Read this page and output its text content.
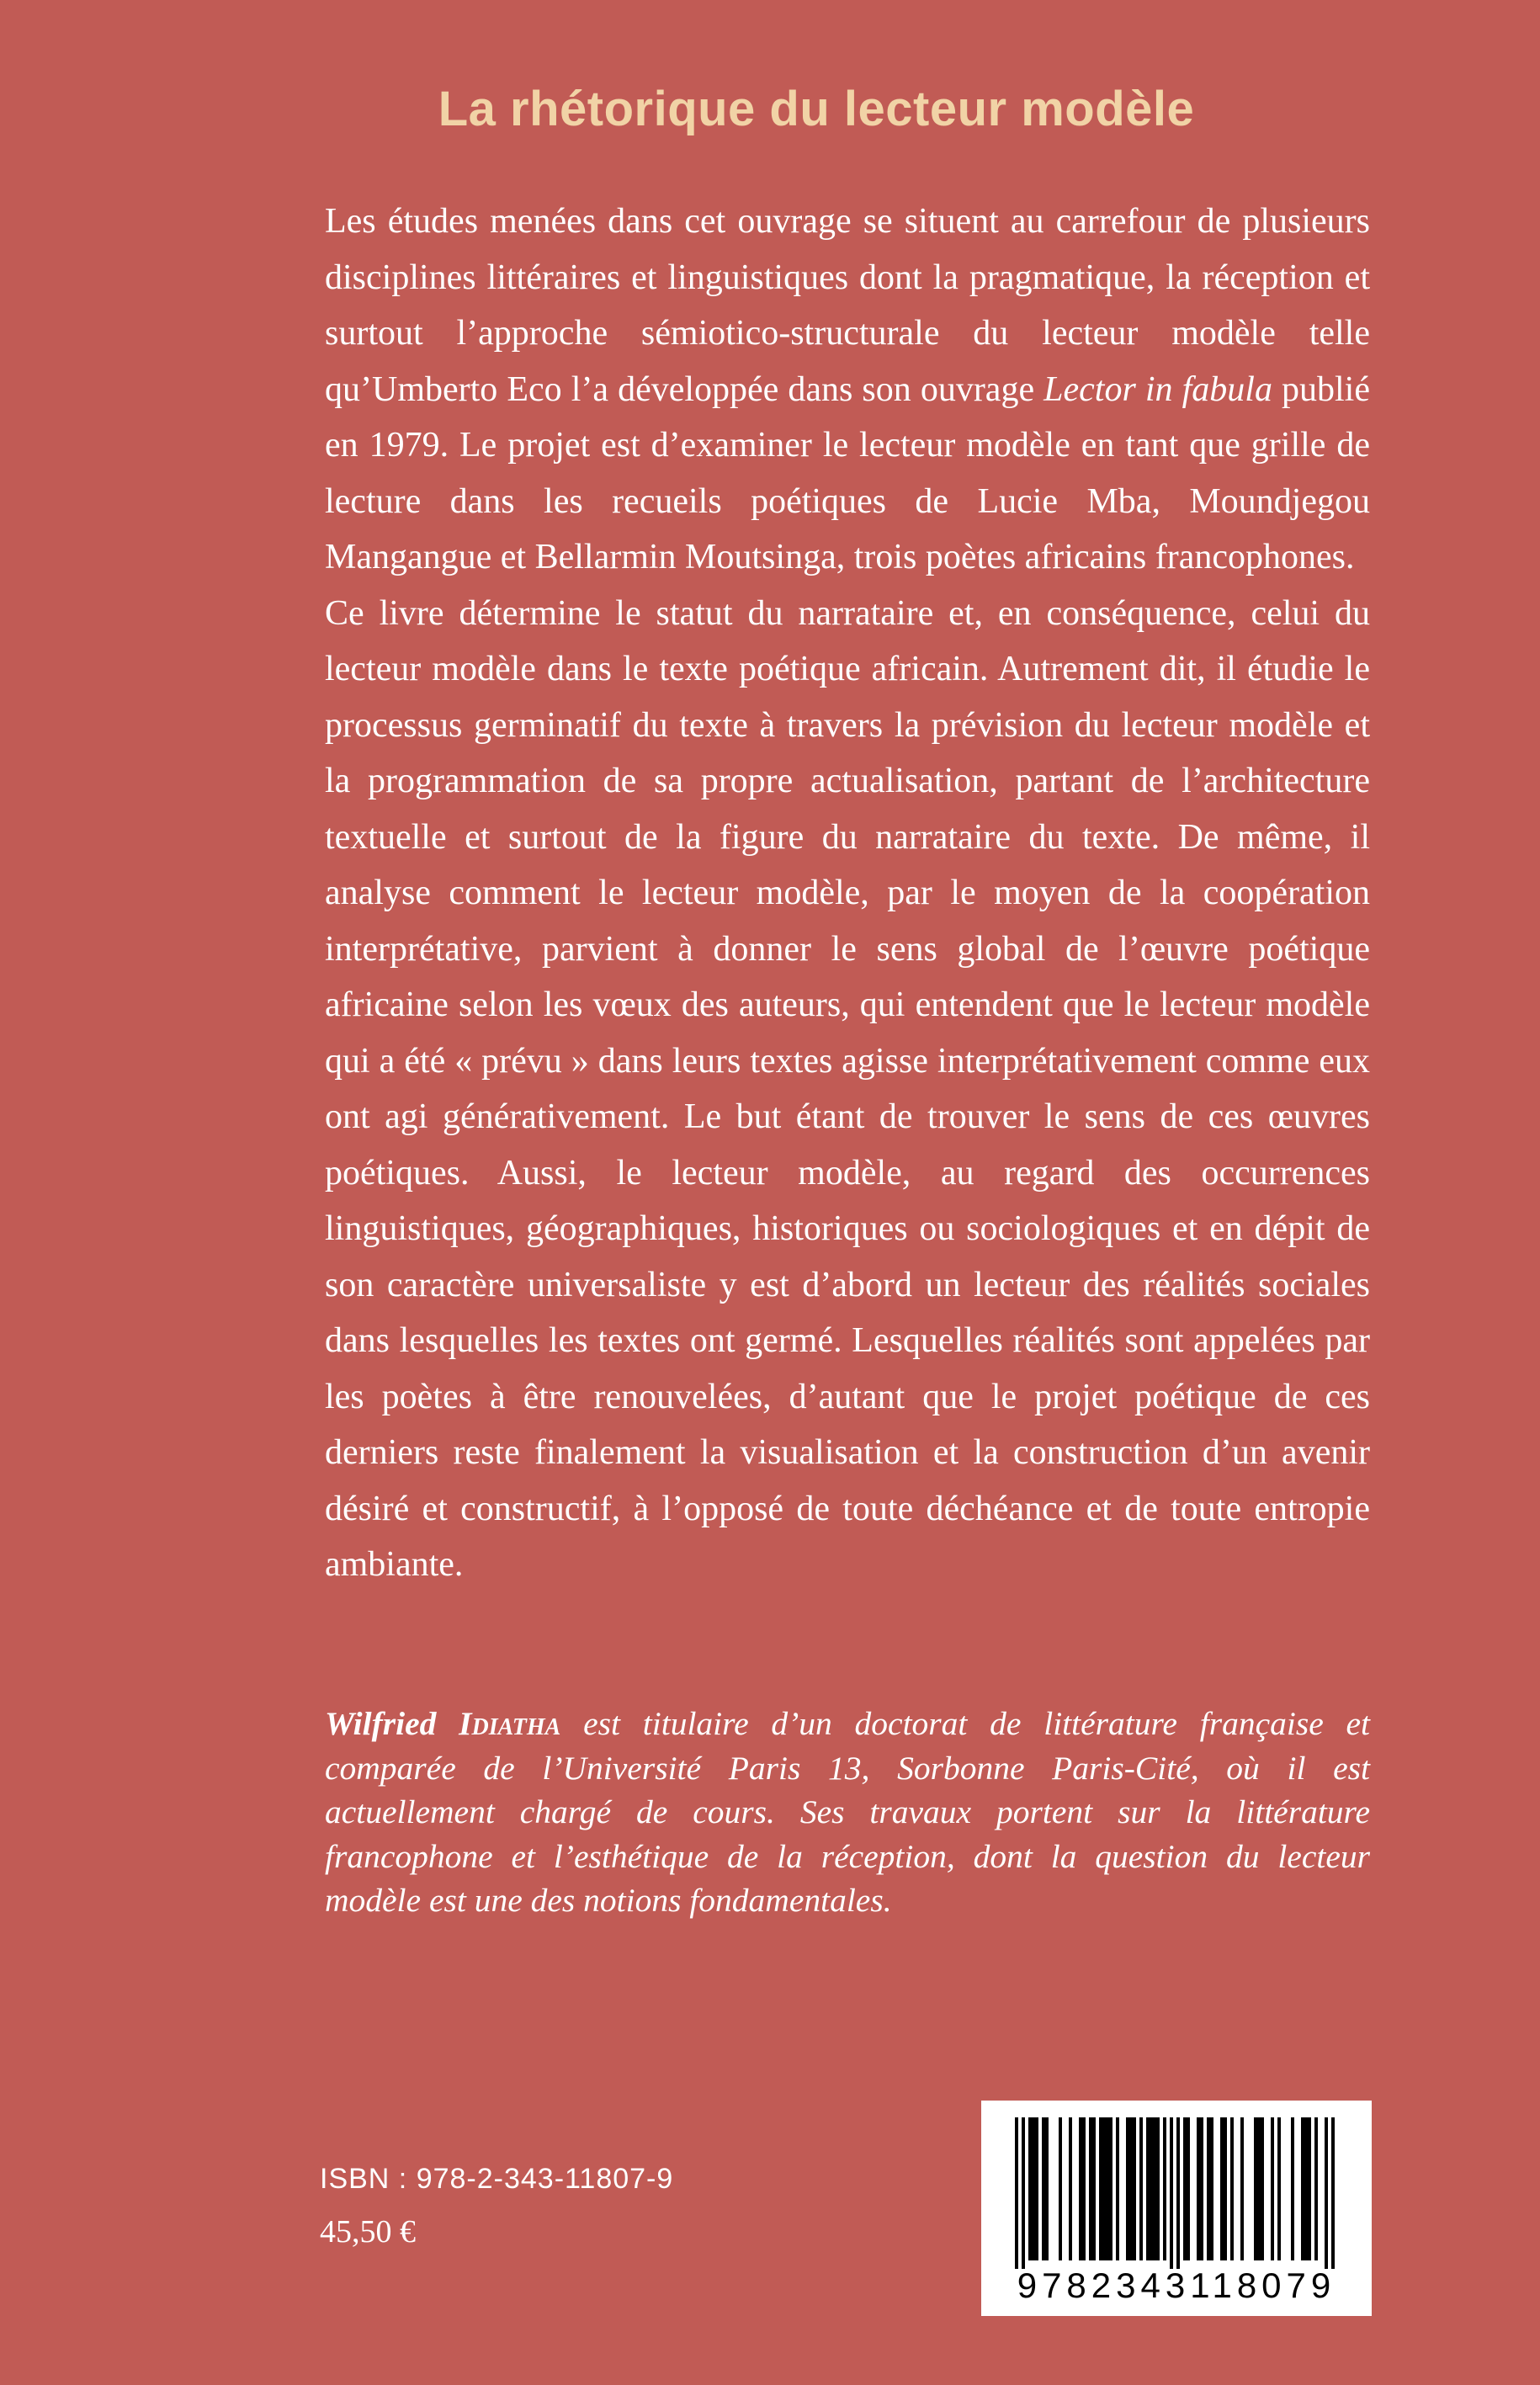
La rhétorique du lecteur modèle

Les études menées dans cet ouvrage se situent au carrefour de plusieurs disciplines littéraires et linguistiques dont la pragmatique, la réception et surtout l’approche sémiotico-structurale du lecteur modèle telle qu’Umberto Eco l’a développée dans son ouvrage Lector in fabula publié en 1979. Le projet est d’examiner le lecteur modèle en tant que grille de lecture dans les recueils poétiques de Lucie Mba, Moundjegou Mangangue et Bellarmin Moutsinga, trois poètes africains francophones.

Ce livre détermine le statut du narrataire et, en conséquence, celui du lecteur modèle dans le texte poétique africain. Autrement dit, il étudie le processus germinatif du texte à travers la prévision du lecteur modèle et la programmation de sa propre actualisation, partant de l’architecture textuelle et surtout de la figure du narrataire du texte. De même, il analyse comment le lecteur modèle, par le moyen de la coopération interprétative, parvient à donner le sens global de l’œuvre poétique africaine selon les vœux des auteurs, qui entendent que le lecteur modèle qui a été « prévu » dans leurs textes agisse interprétativement comme eux ont agi générativement. Le but étant de trouver le sens de ces œuvres poétiques. Aussi, le lecteur modèle, au regard des occurrences linguistiques, géographiques, historiques ou sociologiques et en dépit de son caractère universaliste y est d’abord un lecteur des réalités sociales dans lesquelles les textes ont germé. Lesquelles réalités sont appelées par les poètes à être renouvelées, d’autant que le projet poétique de ces derniers reste finalement la visualisation et la construction d’un avenir désiré et constructif, à l’opposé de toute déchéance et de toute entropie ambiante.

Wilfried Idiatha est titulaire d’un doctorat de littérature française et comparée de l’Université Paris 13, Sorbonne Paris-Cité, où il est actuellement chargé de cours. Ses travaux portent sur la littérature francophone et l’esthétique de la réception, dont la question du lecteur modèle est une des notions fondamentales.
ISBN : 978-2-343-11807-9
45,50 €
9782343118079
